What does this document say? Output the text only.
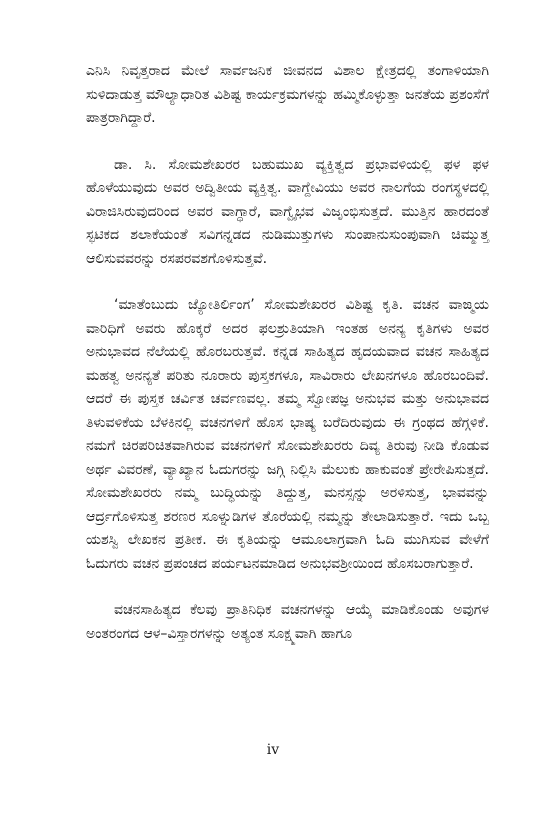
ಎನಿಸಿ ನಿವೃತ್ತರಾದ ಮೇಲೆ ಸಾರ್ವಜನಿಕ ಜೀವನದ ವಿಶಾಲ ಕ್ಷೇತ್ರದಲ್ಲಿ ತಂಗಾಳಿಯಾಗಿ ಸುಳಿದಾಡುತ್ತ ಮೌಲ್ಯಾಧಾರಿತ ವಿಶಿಷ್ಟ ಕಾರ್ಯಕ್ರಮಗಳನ್ನು ಹಮ್ಮಿಕೊಳ್ಳುತ್ತಾ ಜನತೆಯ ಪ್ರಶಂಸೆಗೆ ಪಾತ್ರರಾಗಿದ್ದಾರೆ.

ಡಾ. ಸಿ. ಸೋಮಶೇಖರರ ಬಹುಮುಖ ವ್ಯಕ್ತಿತ್ವದ ಪ್ರಭಾವಳಿಯಲ್ಲಿ ಫಳ ಫಳ ಹೊಳೆಯುವುದು ಅವರ ಅದ್ವಿತೀಯ ವ್ಯಕ್ತಿತ್ವ. ವಾಗ್ದೇವಿಯು ಅವರ ನಾಲಗೆಯ ರಂಗಸ್ಥಳದಲ್ಲಿ ವಿರಾಜಿಸಿರುವುದರಿಂದ ಅವರ ವಾಗ್ಧಾರೆ, ವಾಗ್ವೈಭವ ವಿಜೃಂಭಿಸುತ್ತದೆ. ಮುತ್ತಿನ ಹಾರದಂತೆ ಸ್ಫಟಿಕದ ಶಲಾಕೆಯಂತೆ ಸವಿಗನ್ನಡದ ನುಡಿಮುತ್ತುಗಳು ಸುಂಪಾನುಸುಂಪುವಾಗಿ ಚಿಮ್ಮುತ್ತ ಆಲಿಸುವವರನ್ನು ರಸಪರವಶಗೊಳಿಸುತ್ತವೆ.

‘ಮಾತೆಂಬುದು ಜ್ಯೋತಿರ್ಲಿಂಗ’ ಸೋಮಶೇಖರರ ವಿಶಿಷ್ಟ ಕೃತಿ. ವಚನ ವಾಙ್ಮಯ ವಾರಿಧಿಗೆ ಅವರು ಹೊಕ್ಕರೆ ಅದರ ಫಲಶ್ರುತಿಯಾಗಿ ಇಂತಹ ಅನನ್ಯ ಕೃತಿಗಳು ಅವರ ಅನುಭಾವದ ನೆಲೆಯಲ್ಲಿ ಹೊರಬರುತ್ತವೆ. ಕನ್ನಡ ಸಾಹಿತ್ಯದ ಹೃದಯವಾದ ವಚನ ಸಾಹಿತ್ಯದ ಮಹತ್ವ ಅನನ್ಯತೆ ಪರಿತು ನೂರಾರು ಪುಸ್ತಕಗಳೂ, ಸಾವಿರಾರು ಲೇಖನಗಳೂ ಹೊರಬಂದಿವೆ. ಆದರೆ ಈ ಪುಸ್ತಕ ಚರ್ವಿತ ಚರ್ವಣವಲ್ಲ. ತಮ್ಮ ಸ್ವೋಪಜ್ಞ ಅನುಭವ ಮತ್ತು ಅನುಭಾವದ ತಿಳುವಳಿಕೆಯ ಬೆಳಕಿನಲ್ಲಿ ವಚನಗಳಿಗೆ ಹೊಸ ಭಾಷ್ಯ ಬರೆದಿರುವುದು ಈ ಗ್ರಂಥದ ಹೆಗ್ಗಳಿಕೆ. ನಮಗೆ ಚಿರಪರಿಚಿತವಾಗಿರುವ ವಚನಗಳಿಗೆ ಸೋಮಶೇಖರರು ದಿವ್ಯ ತಿರುವು ನೀಡಿ ಕೊಡುವ ಅರ್ಥ ವಿವರಣೆ, ವ್ಯಾಖ್ಯಾನ ಓದುಗರನ್ನು ಜಗ್ಗಿ ನಿಲ್ಲಿಸಿ ಮೆಲುಕು ಹಾಕುವಂತೆ ಪ್ರೇರೇಪಿಸುತ್ತದೆ. ಸೋಮಶೇಖರರು ನಮ್ಮ ಬುದ್ಧಿಯನ್ನು ತಿದ್ದುತ್ತ, ಮನಸ್ಸನ್ನು ಅರಳಿಸುತ್ತ, ಭಾವವನ್ನು ಆರ್ದ್ರಗೊಳಿಸುತ್ತ ಶರಣರ ಸೂಳ್ನುಡಿಗಳ ತೊರೆಯಲ್ಲಿ ನಮ್ಮನ್ನು ತೇಲಾಡಿಸುತ್ತಾರೆ. ಇದು ಒಬ್ಬ ಯಶಸ್ವಿ ಲೇಖಕನ ಪ್ರತೀಕ. ಈ ಕೃತಿಯನ್ನು ಆಮೂಲಾಗ್ರವಾಗಿ ಓದಿ ಮುಗಿಸುವ ವೇಳೆಗೆ ಓದುಗರು ವಚನ ಪ್ರಪಂಚದ ಪರ್ಯಟನಮಾಡಿದ ಅನುಭವಶ್ರೀಯಿಂದ ಹೊಸಬರಾಗುತ್ತಾರೆ.

ವಚನಸಾಹಿತ್ಯದ ಕೆಲವು ಪ್ರಾತಿನಿಧಿಕ ವಚನಗಳನ್ನು ಆಯ್ಕೆ ಮಾಡಿಕೊಂಡು ಅವುಗಳ ಅಂತರಂಗದ ಆಳ–ವಿಸ್ತಾರಗಳನ್ನು ಅತ್ಯಂತ ಸೂಕ್ಷ್ಮವಾಗಿ ಹಾಗೂ

iv
